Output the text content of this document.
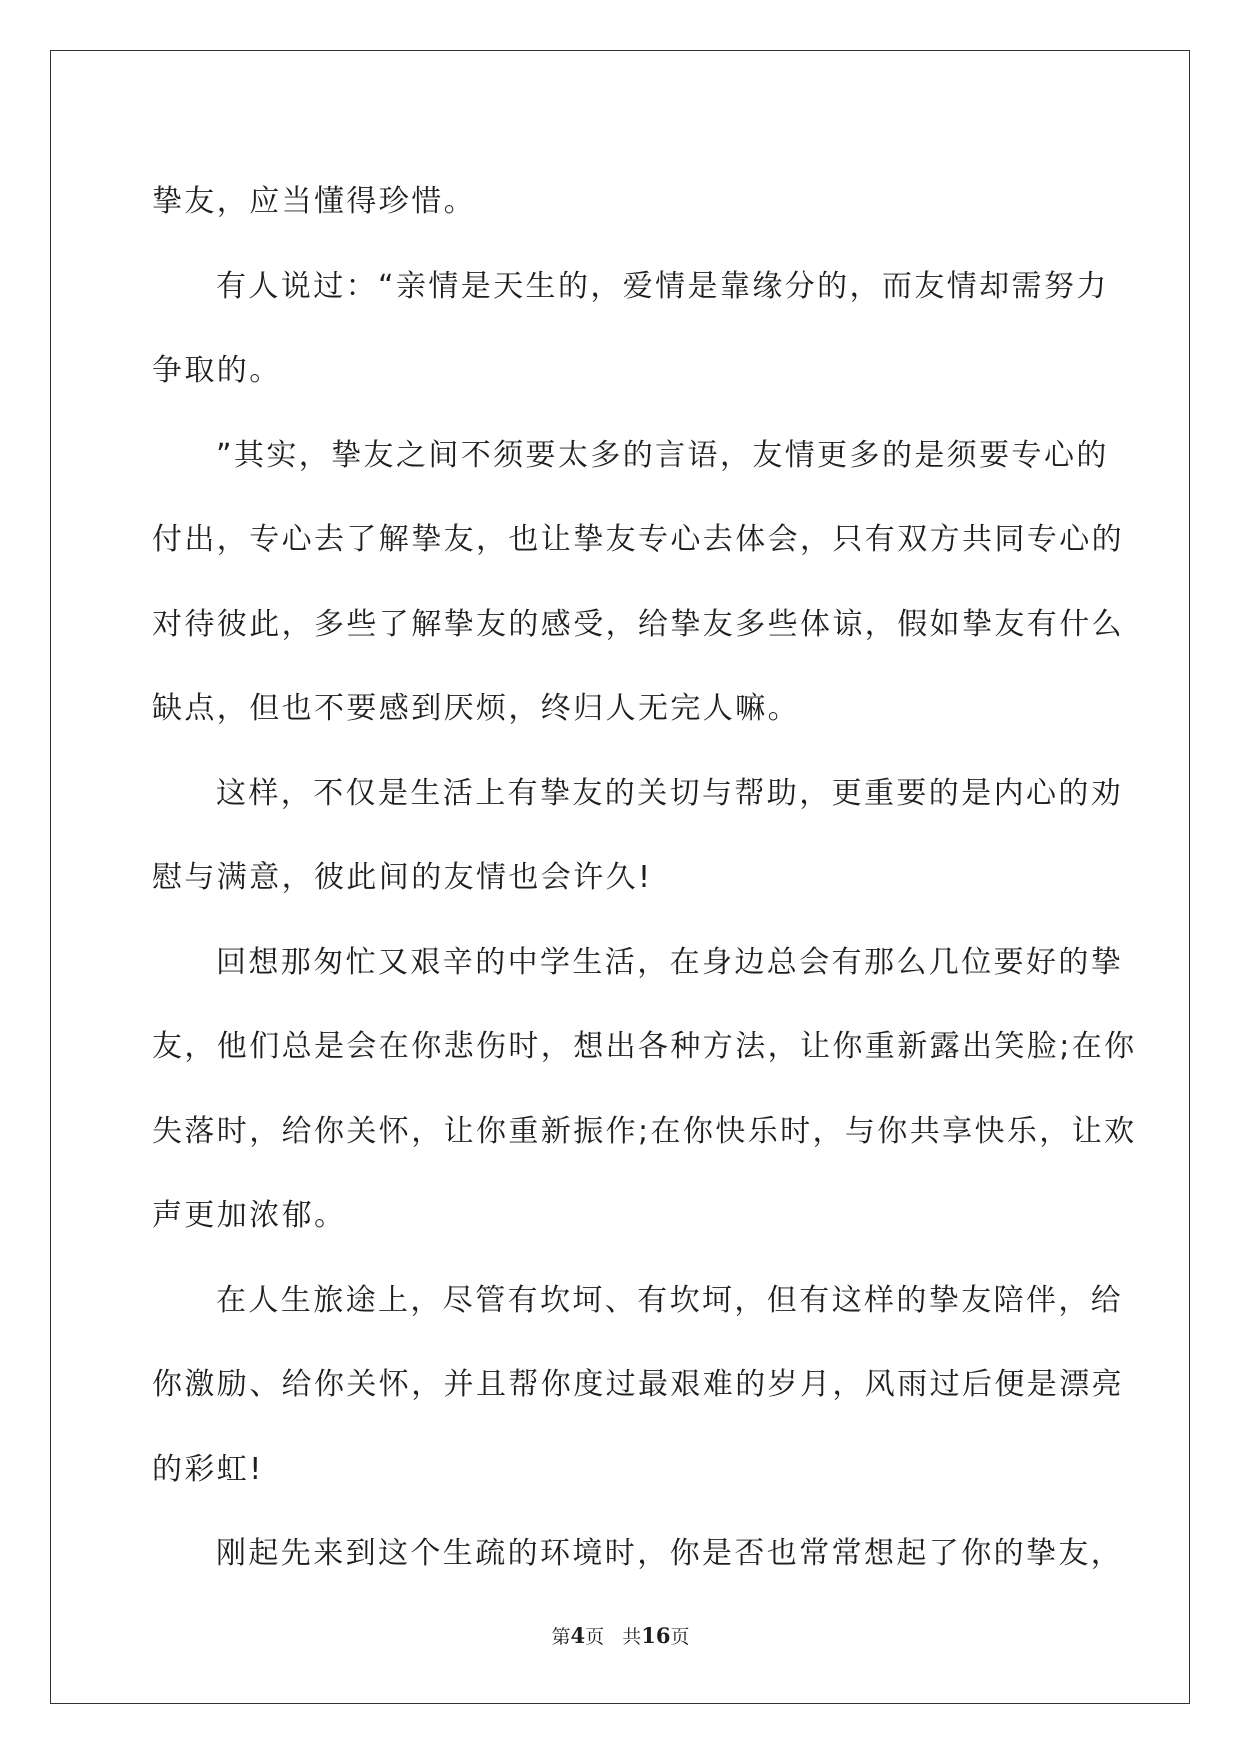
挚友，应当懂得珍惜。

有人说过：“亲情是天生的，爱情是靠缘分的，而友情却需努力

争取的。

”其实，挚友之间不须要太多的言语，友情更多的是须要专心的

付出，专心去了解挚友，也让挚友专心去体会，只有双方共同专心的

对待彼此，多些了解挚友的感受，给挚友多些体谅，假如挚友有什么

缺点，但也不要感到厌烦，终归人无完人嘛。

这样，不仅是生活上有挚友的关切与帮助，更重要的是内心的劝

慰与满意，彼此间的友情也会许久!

回想那匆忙又艰辛的中学生活，在身边总会有那么几位要好的挚

友，他们总是会在你悲伤时，想出各种方法，让你重新露出笑脸;在你

失落时，给你关怀，让你重新振作;在你快乐时，与你共享快乐，让欢

声更加浓郁。

在人生旅途上，尽管有坎坷、有坎坷，但有这样的挚友陪伴，给

你激励、给你关怀，并且帮你度过最艰难的岁月，风雨过后便是漂亮

的彩虹!

刚起先来到这个生疏的环境时，你是否也常常想起了你的挚友，

第4页 共16页
